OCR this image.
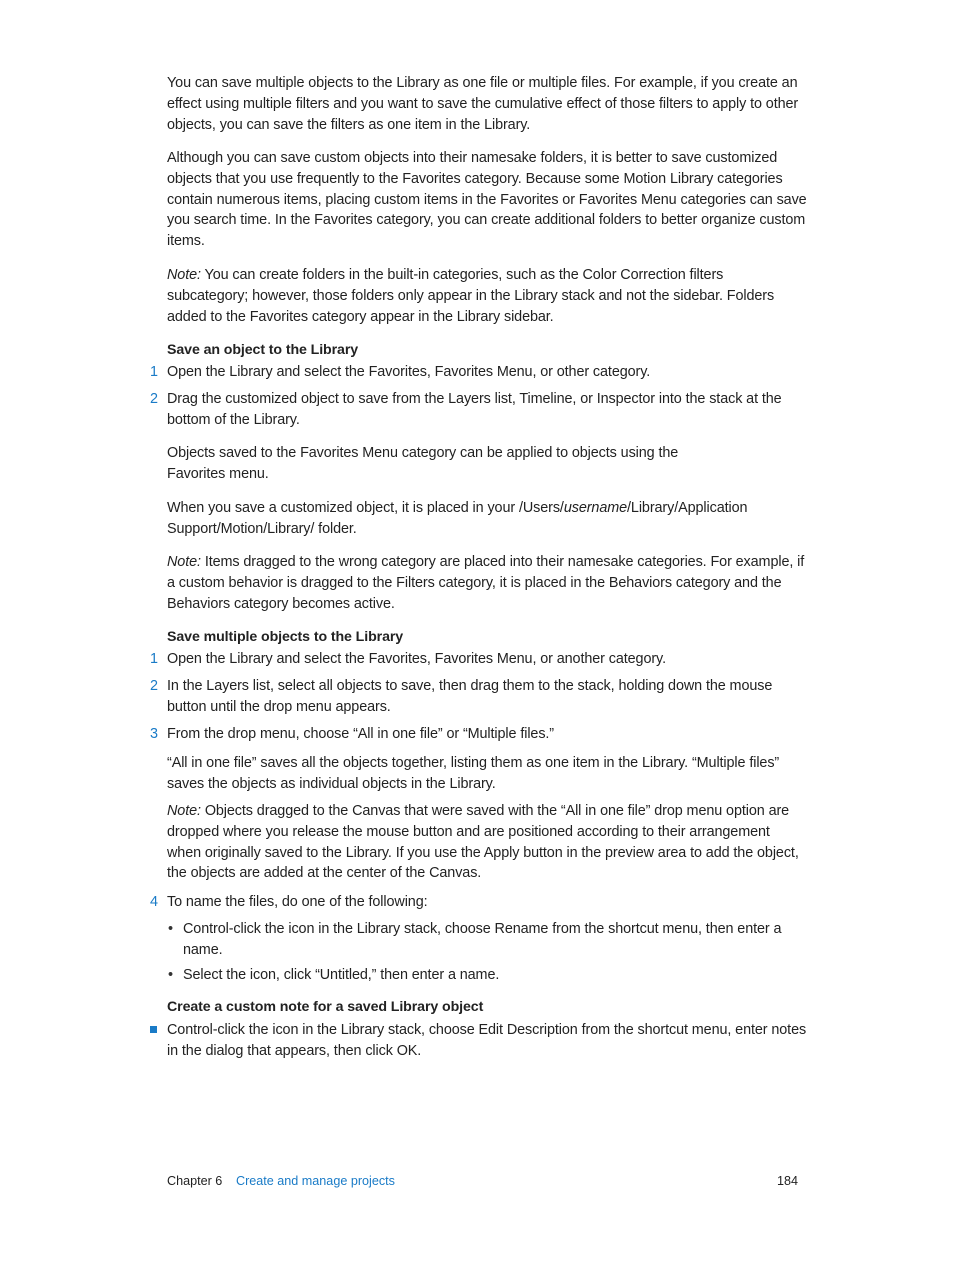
You can save multiple objects to the Library as one file or multiple files. For example, if you create an effect using multiple filters and you want to save the cumulative effect of those filters to apply to other objects, you can save the filters as one item in the Library.
Although you can save custom objects into their namesake folders, it is better to save customized objects that you use frequently to the Favorites category. Because some Motion Library categories contain numerous items, placing custom items in the Favorites or Favorites Menu categories can save you search time. In the Favorites category, you can create additional folders to better organize custom items.
Note: You can create folders in the built-in categories, such as the Color Correction filters subcategory; however, those folders only appear in the Library stack and not the sidebar. Folders added to the Favorites category appear in the Library sidebar.
Save an object to the Library
1 Open the Library and select the Favorites, Favorites Menu, or other category.
2 Drag the customized object to save from the Layers list, Timeline, or Inspector into the stack at the bottom of the Library.
Objects saved to the Favorites Menu category can be applied to objects using the Favorites menu.
When you save a customized object, it is placed in your /Users/username/Library/Application Support/Motion/Library/ folder.
Note: Items dragged to the wrong category are placed into their namesake categories. For example, if a custom behavior is dragged to the Filters category, it is placed in the Behaviors category and the Behaviors category becomes active.
Save multiple objects to the Library
1 Open the Library and select the Favorites, Favorites Menu, or another category.
2 In the Layers list, select all objects to save, then drag them to the stack, holding down the mouse button until the drop menu appears.
3 From the drop menu, choose “All in one file” or “Multiple files.”
“All in one file” saves all the objects together, listing them as one item in the Library. “Multiple files” saves the objects as individual objects in the Library.
Note: Objects dragged to the Canvas that were saved with the “All in one file” drop menu option are dropped where you release the mouse button and are positioned according to their arrangement when originally saved to the Library. If you use the Apply button in the preview area to add the object, the objects are added at the center of the Canvas.
4 To name the files, do one of the following:
• Control-click the icon in the Library stack, choose Rename from the shortcut menu, then enter a name.
• Select the icon, click “Untitled,” then enter a name.
Create a custom note for a saved Library object
Control-click the icon in the Library stack, choose Edit Description from the shortcut menu, enter notes in the dialog that appears, then click OK.
Chapter 6 Create and manage projects	184
